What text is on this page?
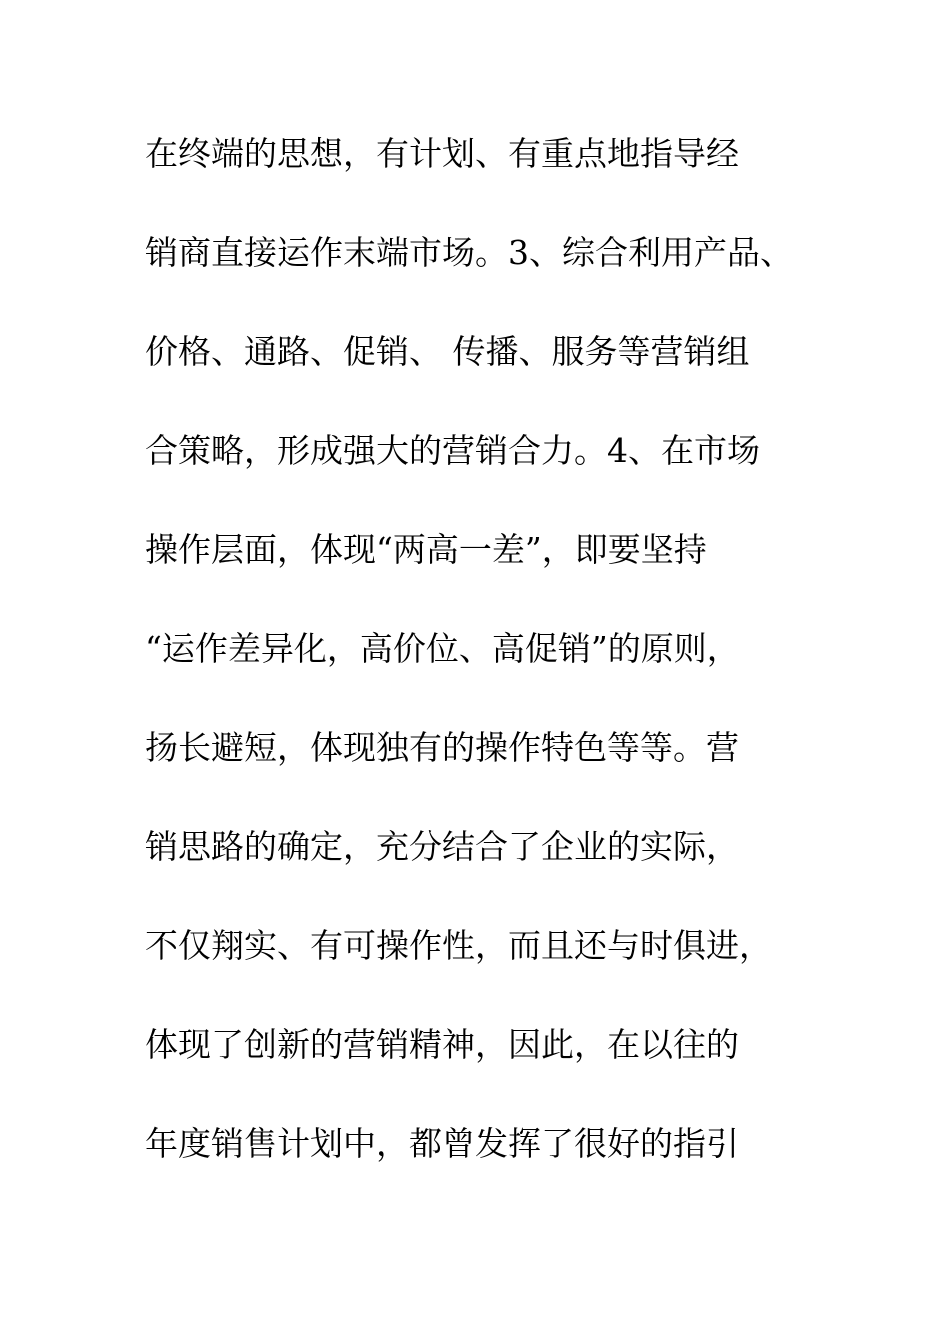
在终端的思想，有计划、有重点地指导经
销商直接运作末端市场。3、综合利用产品、
价格、通路、促销、 传播、服务等营销组
合策略，形成强大的营销合力。4、在市场
操作层面，体现“两高一差”，即要坚持
“运作差异化，高价位、高促销”的原则，
扬长避短，体现独有的操作特色等等。营
销思路的确定，充分结合了企业的实际，
不仅翔实、有可操作性，而且还与时俱进，
体现了创新的营销精神，因此，在以往的
年度销售计划中，都曾发挥了很好的指引
